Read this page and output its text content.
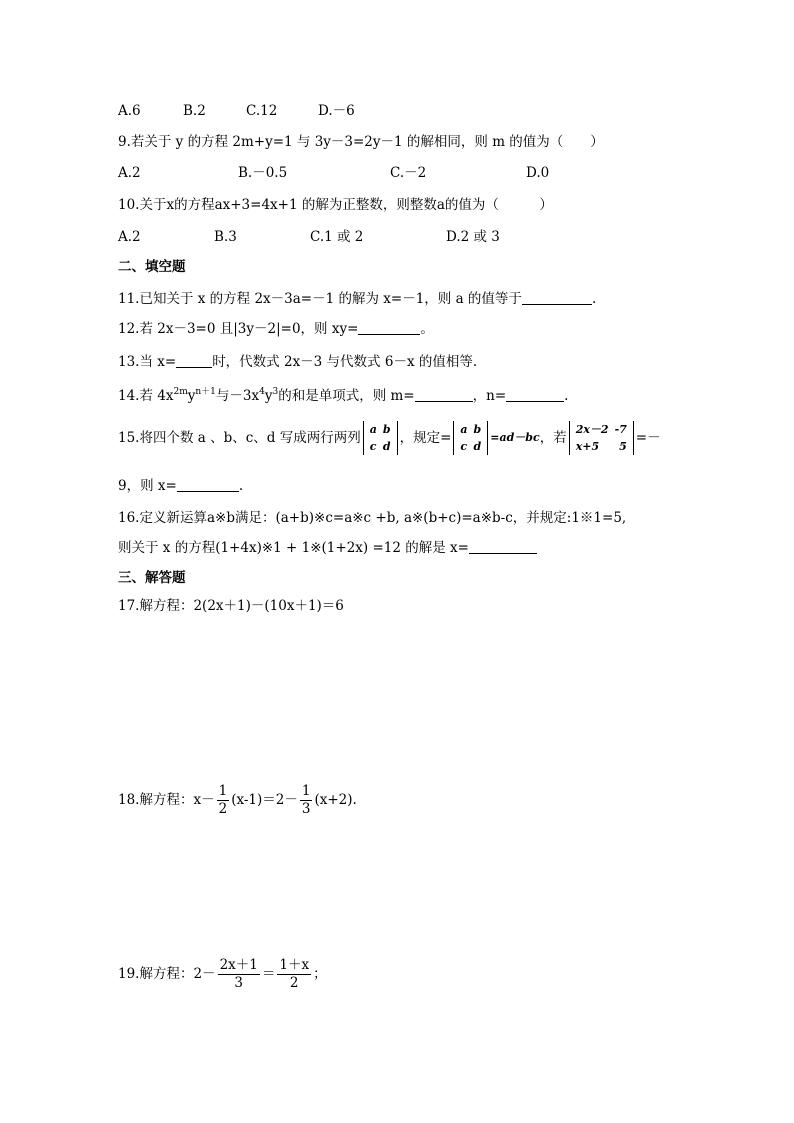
A.6	B.2	C.12	D.－6
9.若关于 y 的方程 2m+y=1 与 3y－3=2y－1 的解相同，则 m 的值为（　　）
A.2	B.－0.5	C.－2	D.0
10.关于x的方程ax+3=4x+1 的解为正整数，则整数a的值为（　　　）
A.2	B.3	C.1 或 2	D.2 或 3
二、填空题
11.已知关于 x 的方程 2x－3a=－1 的解为 x=－1，则 a 的值等于	.
12.若 2x－3=0 且|3y－2|=0，则 xy=	。
13.当 x=	时，代数式 2x－3 与代数式 6－x 的值相等.
14.若 $4x^{2m}y^{n+1}$与$-3x^4y^3$的和是单项式，则 m=	，n=	.
15.将四个数 a 、b、c、d 写成两行两列
a	b
c	d
，规定=
a	b
c	d
=ad－bc ，若
2x－2	-7
x+5	5
=－
9，则 x=	.
16.定义新运算a※b满足：(a+b)※c=a※c +b, a※(b+c)=a※b-c，并规定:1※1=5,
则关于 x 的方程(1+4x)※1 + 1※(1+2x) =12 的解是 x=
三、解答题
17.解方程：2(2x＋1)－(10x＋1)＝6
18.解方程：$x- \frac{1}{2} (x-1)=2- \frac{1}{3} (x+2)$.
19.解方程：$2- \frac{2x+1}{3} = \frac{1+x}{2}$ ；
